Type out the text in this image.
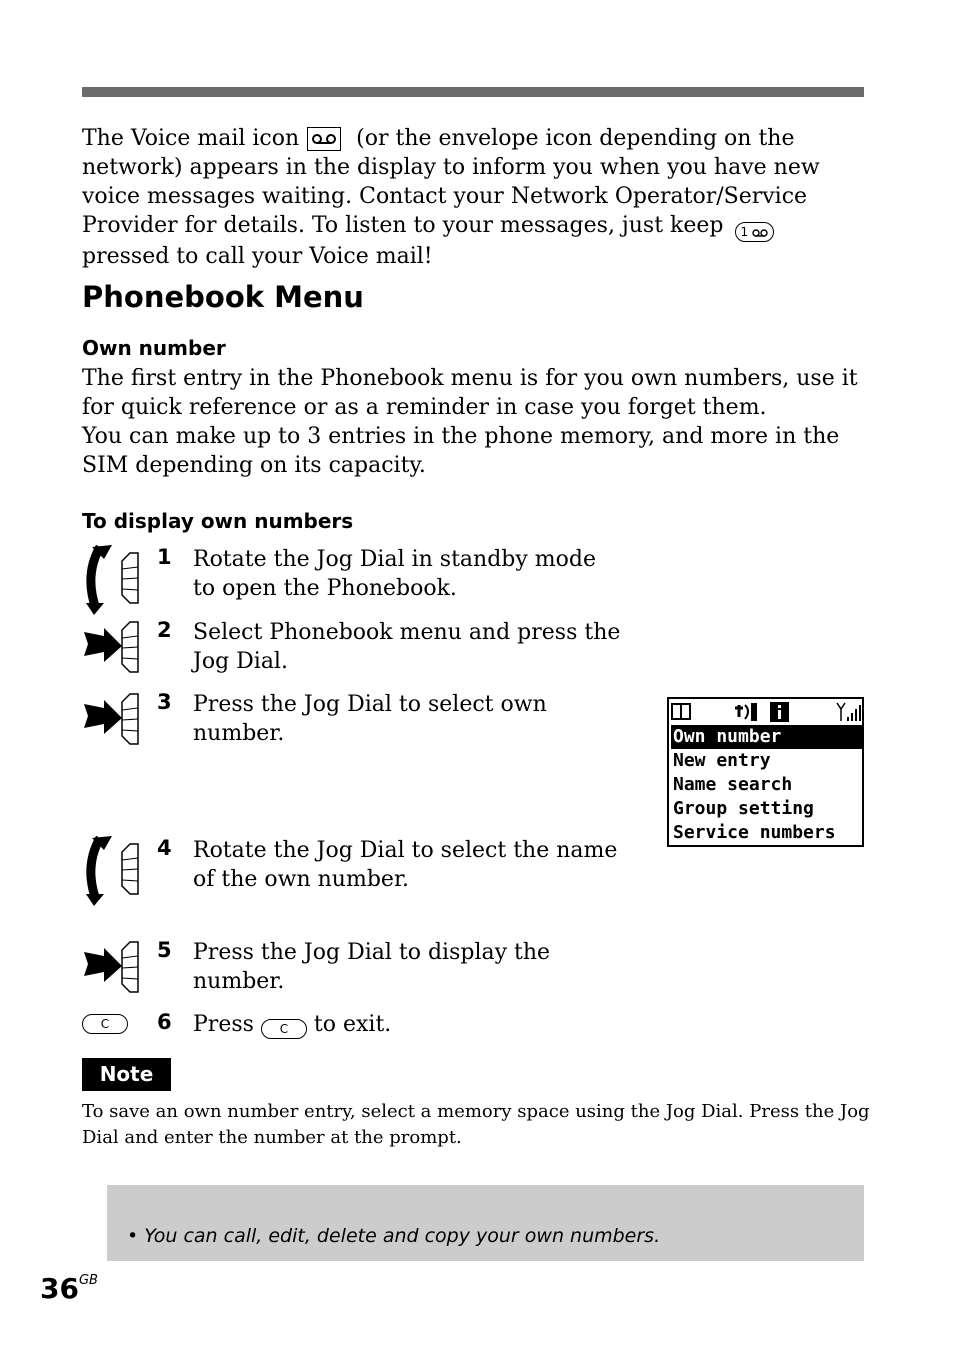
The Voice mail icon	(or the envelope icon depending on the network) appears in the display to inform you when you have new voice messages waiting. Contact your Network Operator/Service Provider for details. To listen to your messages, just keep 1  pressed to call your Voice mail!
Phonebook Menu
Own number
The first entry in the Phonebook menu is for you own numbers, use it for quick reference or as a reminder in case you forget them.
You can make up to 3 entries in the phone memory, and more in the SIM depending on its capacity.
To display own numbers
1 Rotate the Jog Dial in standby mode to open the Phonebook.
2 Select Phonebook menu and press the Jog Dial.
3 Press the Jog Dial to select own number.	Own number
New entry
Name search
Group setting
Service numbers
4 Rotate the Jog Dial to select the name of the own number.
5 Press the Jog Dial to display the number.
C	6 Press C to exit.
Note
To save an own number entry, select a memory space using the Jog Dial. Press the Jog Dial and enter the number at the prompt.
• You can call, edit, delete and copy your own numbers.
$36^{GB}$
